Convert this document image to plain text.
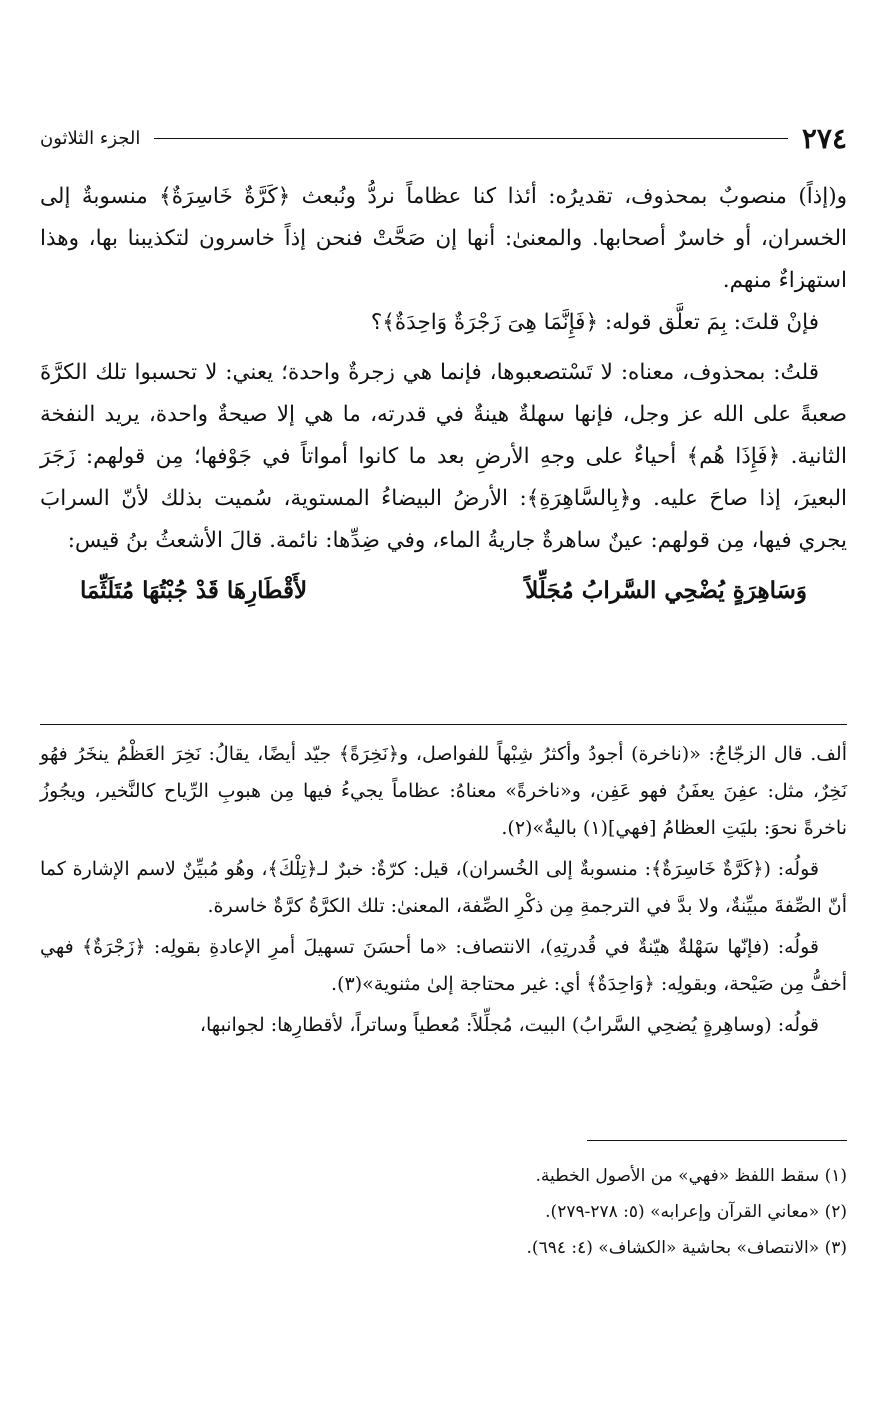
٢٧٤
الجزء الثلاثون

و(إذاً) منصوبٌ بمحذوف، تقديرُه: أئذا كنا عظاماً نردُّ ونُبعث ﴿كَرَّةٌ خَاسِرَةٌ﴾ منسوبةٌ إلى الخسران، أو خاسرٌ أصحابها. والمعنىٰ: أنها إن صَحَّتْ فنحن إذاً خاسرون لتكذيبنا بها، وهذا استهزاءٌ منهم.

فإنْ قلتَ: بِمَ تعلَّق قوله: ﴿فَإِنَّمَا هِىَ زَجْرَةٌ وَاحِدَةٌ﴾؟

قلتُ: بمحذوف، معناه: لا تَسْتصعبوها، فإنما هي زجرةٌ واحدة؛ يعني: لا تحسبوا تلك الكرَّةَ صعبةً على الله عز وجل، فإنها سهلةٌ هينةٌ في قدرته، ما هي إلا صيحةٌ واحدة، يريد النفخة الثانية. ﴿فَإِذَا هُم﴾ أحياءٌ على وجهِ الأرضِ بعد ما كانوا أمواتاً في جَوْفها؛ مِن قولهم: زَجَرَ البعيرَ، إذا صاحَ عليه. و﴿بِالسَّاهِرَةِ﴾: الأرضُ البيضاءُ المستوية، سُميت بذلك لأنّ السرابَ يجري فيها، مِن قولهم: عينٌ ساهرةٌ جاريةُ الماء، وفي ضِدِّها: نائمة. قالَ الأشعثُ بنُ قيس:

وَسَاهِرَةٍ يُضْحِي السَّرابُ مُجَلِّلاً
لأَقْطَارِهَا قَدْ جُبْتُهَا مُتَلَثِّمَا

ألف. قال الزجّاجُ: «(ناخرة) أجودُ وأكثرُ شِبْهاً للفواصل، و﴿نَخِرَةً﴾ جيّد أيضًا، يقالُ: نَخِرَ العَظْمُ ينخَرُ فهُو نَخِرٌ، مثل: عفِنَ يعفَنُ فهو عَفِن، و«ناخرةً» معناهُ: عظاماً يجيءُ فيها مِن هبوبِ الرِّياح كالنَّخير، ويجُوزُ ناخرةً نحوَ: بليَتِ العظامُ [فهي](١) باليةٌ»(٢).

قولُه: (﴿كَرَّةٌ خَاسِرَةٌ﴾: منسوبةٌ إلى الخُسران)، قيل: كرّةٌ: خبرٌ لـ﴿تِلْكَ﴾، وهُو مُبيِّنٌ لاسم الإشارة كما أنّ الصِّفةَ مبيِّنةٌ، ولا بدَّ في الترجمةِ مِن ذكْرِ الصِّفة، المعنىٰ: تلك الكرَّةُ كرَّةٌ خاسرة.

قولُه: (فإنّها سَهْلةٌ هيّنةٌ في قُدرتِهِ)، الانتصاف: «ما أحسَنَ تسهيلَ أمرِ الإعادةِ بقولِه: ﴿زَجْرَةٌ﴾ فهي أخفُّ مِن صَيْحة، وبقولِه: ﴿وَاحِدَةٌ﴾ أي: غير محتاجة إلىٰ مثنوية»(٣).

قولُه: (وساهِرةٍ يُضحِي السَّرابُ) البيت، مُجلِّلاً: مُعطياً وساتراً، لأقطارِها: لجوانبها،

(١) سقط اللفظ «فهي» من الأصول الخطية.
(٢) «معاني القرآن وإعرابه» (٥: ٢٧٨-٢٧٩).
(٣) «الانتصاف» بحاشية «الكشاف» (٤: ٦٩٤).
